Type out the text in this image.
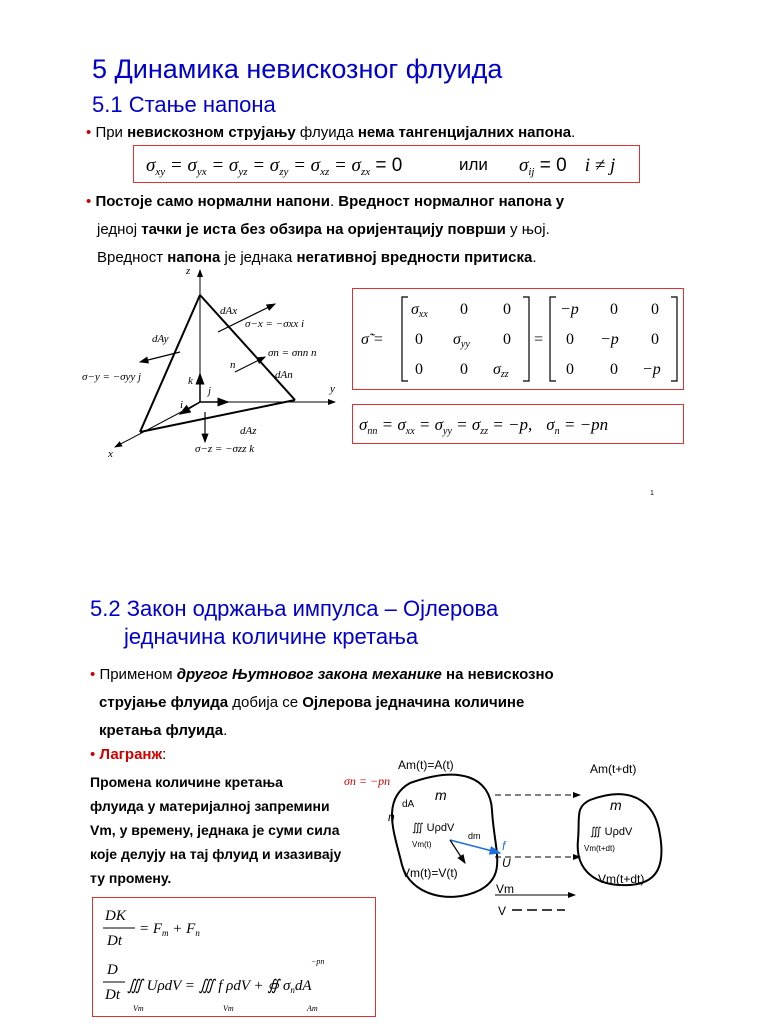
5 Динамика невискозног флуида
5.1 Стање напона
• При невискозном струјању флуида нема тангенцијалних напона.
$\sigma_{xy} = \sigma_{yx} = \sigma_{yz} = \sigma_{zy} = \sigma_{xz} = \sigma_{zx} = 0$	или $\sigma_{ij} = 0$ i ≠ j
• Постоје само нормални напони. Вредност нормалног напона у
једној тачки је иста без обзира на оријентацију површи у њој.
Вредност напона је једнака негативној вредности притиска.
z
y
x
dAx
σ−x = −σxx i
dAy
σn = σnn n
n
dAn
σ−y = −σyy j	k
j
i
dAz
σ−z = −σzz k
σ̃ =
σxx 0 0
0 σyy 0
0 0 σzz
=
−p 0 0
0 −p 0
0 0 −p
$\sigma_{nn} = \sigma_{xx} = \sigma_{yy} = \sigma_{zz} = -p$, $\sigma_n = -pn$
1
5.2 Закон одржања импулса – Ојлерова
једначина количине кретања
• Применом другог Њутновог закона механике на невискозно
струјање флуида добија се Ојлерова једначина количине
кретања флуида.
• Лагранж:
Промена количине кретања
флуида у материјалној запремини
Vm, у времену, једнака је суми сила
које делују на тај флуид и изазивају
ту промену.
DK
Dt
= $F_m + F_n$
D
Dt
∭ UρdV = ∭ f ρdV + ∯ $\sigma_ndA$
Vm	Vm	Am
−pn
Am(t)=A(t)	Am(t+dt)
σn = −pn
dA
n
m
m
∭ UρdV
Vm(t)
dm
f
U
∭ UρdV
Vm(t+dt)
Vm(t)=V(t)	Vm(t+dt)
Vm
V
